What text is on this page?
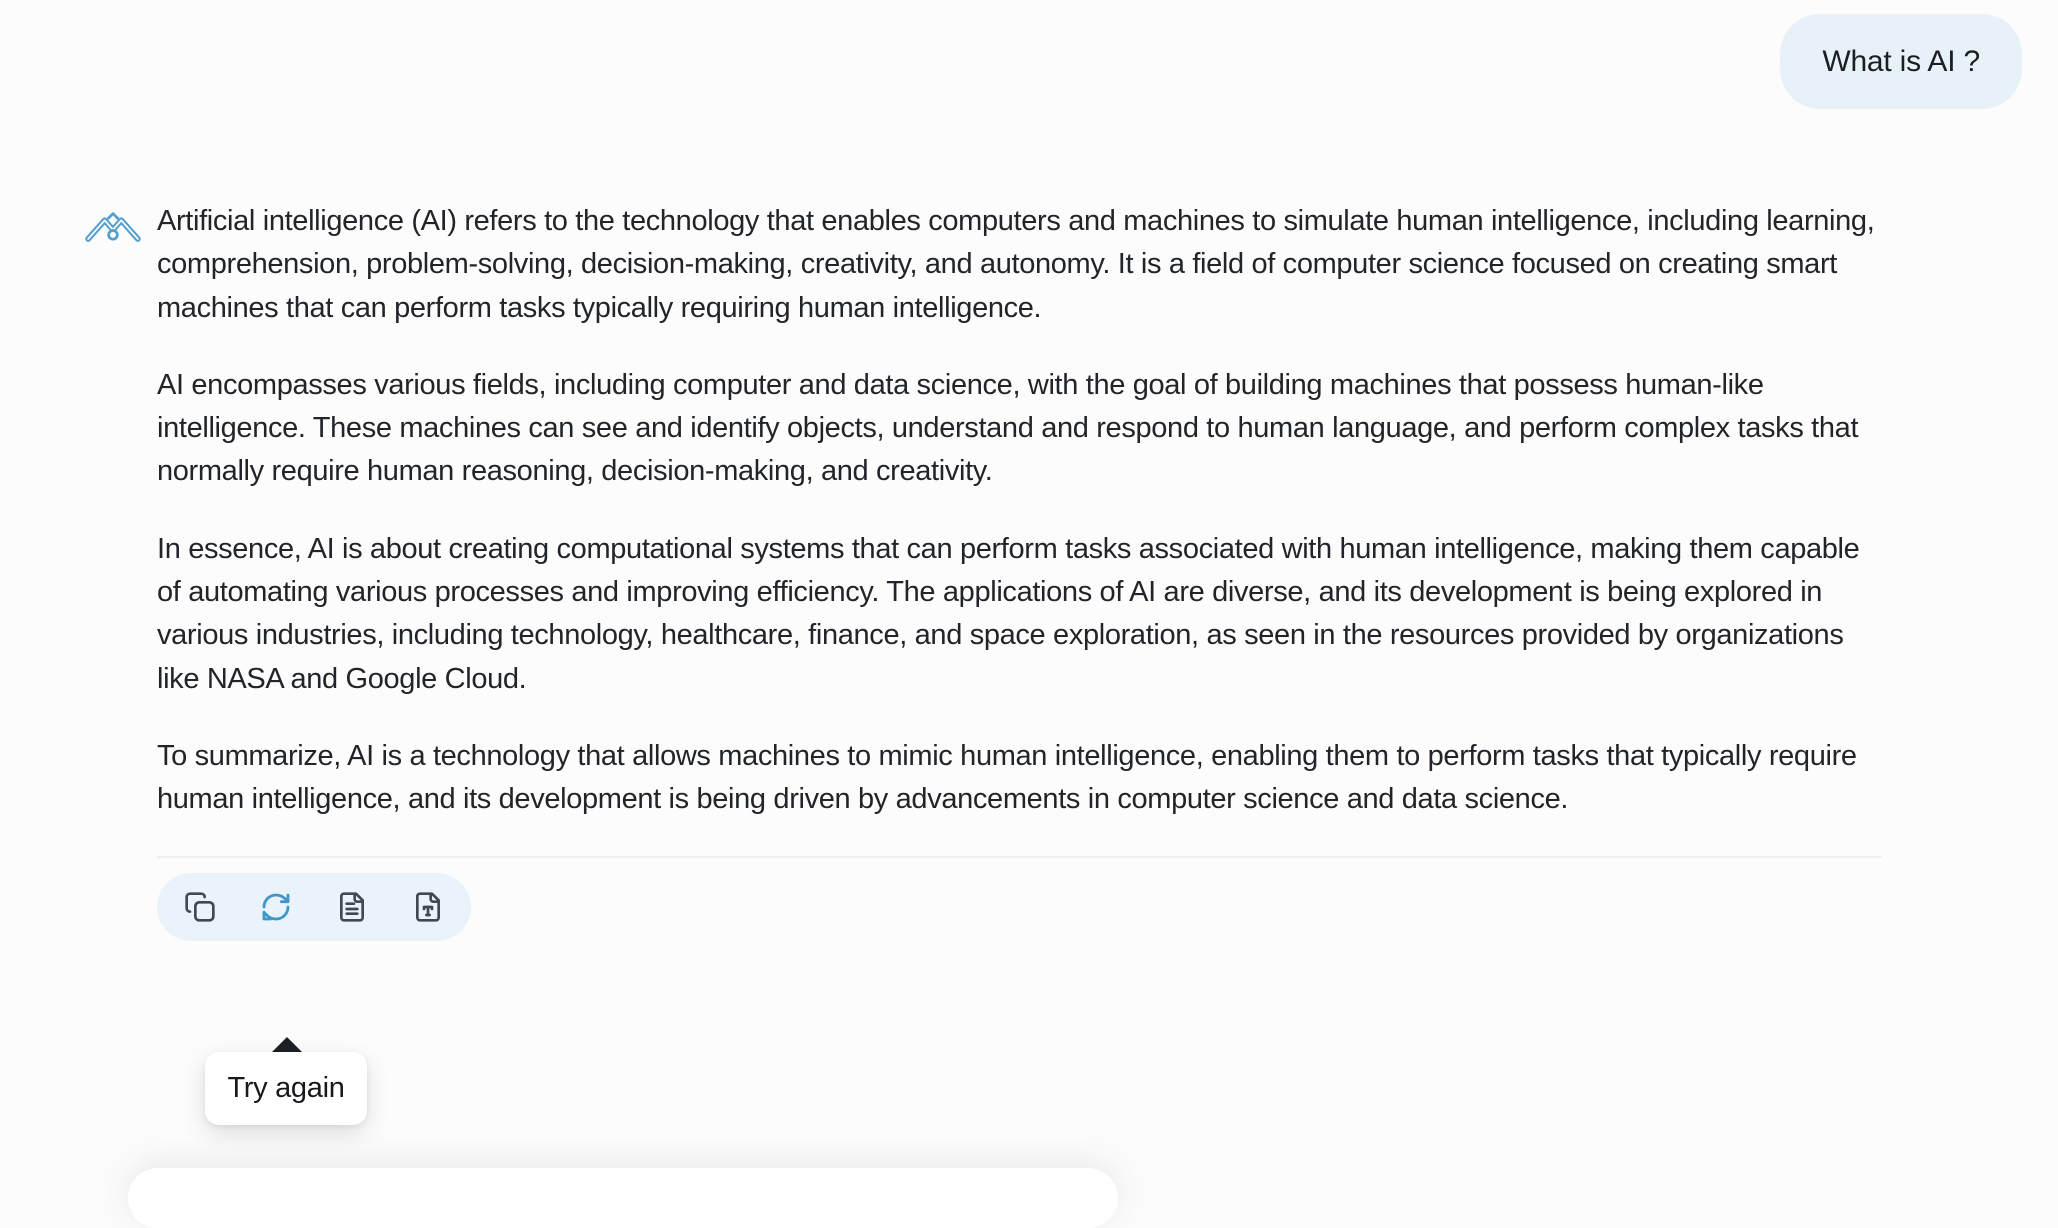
What is AI ?

Artificial intelligence (AI) refers to the technology that enables computers and machines to simulate human intelligence, including learning, comprehension, problem-solving, decision-making, creativity, and autonomy. It is a field of computer science focused on creating smart machines that can perform tasks typically requiring human intelligence.

AI encompasses various fields, including computer and data science, with the goal of building machines that possess human-like intelligence. These machines can see and identify objects, understand and respond to human language, and perform complex tasks that normally require human reasoning, decision-making, and creativity.

In essence, AI is about creating computational systems that can perform tasks associated with human intelligence, making them capable of automating various processes and improving efficiency. The applications of AI are diverse, and its development is being explored in various industries, including technology, healthcare, finance, and space exploration, as seen in the resources provided by organizations like NASA and Google Cloud.

To summarize, AI is a technology that allows machines to mimic human intelligence, enabling them to perform tasks that typically require human intelligence, and its development is being driven by advancements in computer science and data science.

Try again
